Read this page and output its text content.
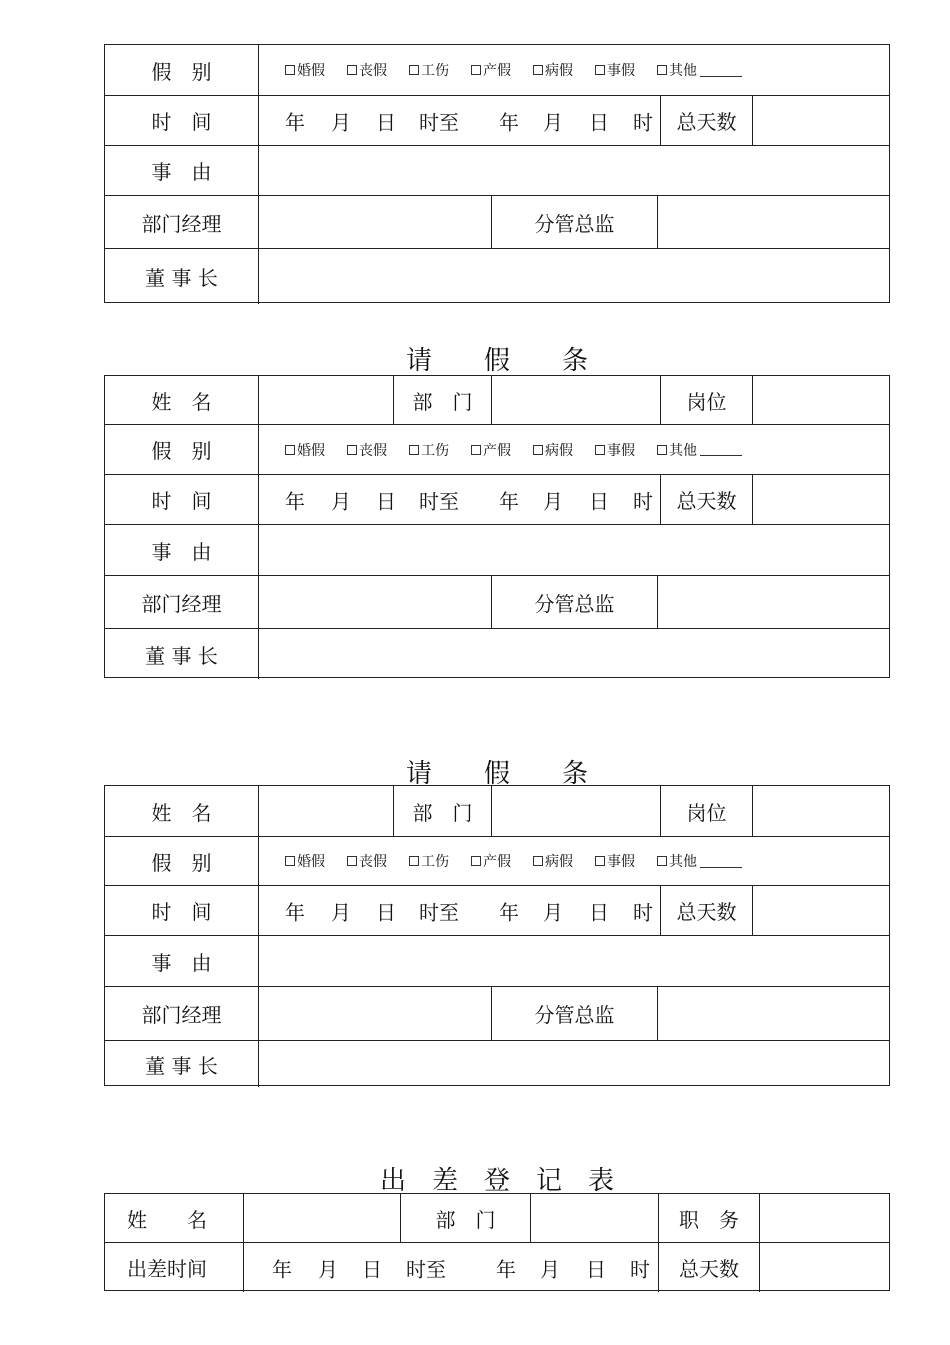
假　别	婚假 丧假 工伤 产假 病假 事假 其他
时　间	年 月 日 时至 年 月 日 时	总天数
事　由
部门经理	分管总监
董 事 长
请　　假　　条
姓　名	部　门	岗位
假　别	婚假 丧假 工伤 产假 病假 事假 其他
时　间	年 月 日 时至 年 月 日 时	总天数
事　由
部门经理	分管总监
董 事 长
请　　假　　条
姓　名	部　门	岗位
假　别	婚假 丧假 工伤 产假 病假 事假 其他
时　间	年 月 日 时至 年 月 日 时	总天数
事　由
部门经理	分管总监
董 事 长
出　差　登　记　表
姓　　名	部　门	职　务
出差时间	年 月 日 时至	年 月 日 时	总天数
